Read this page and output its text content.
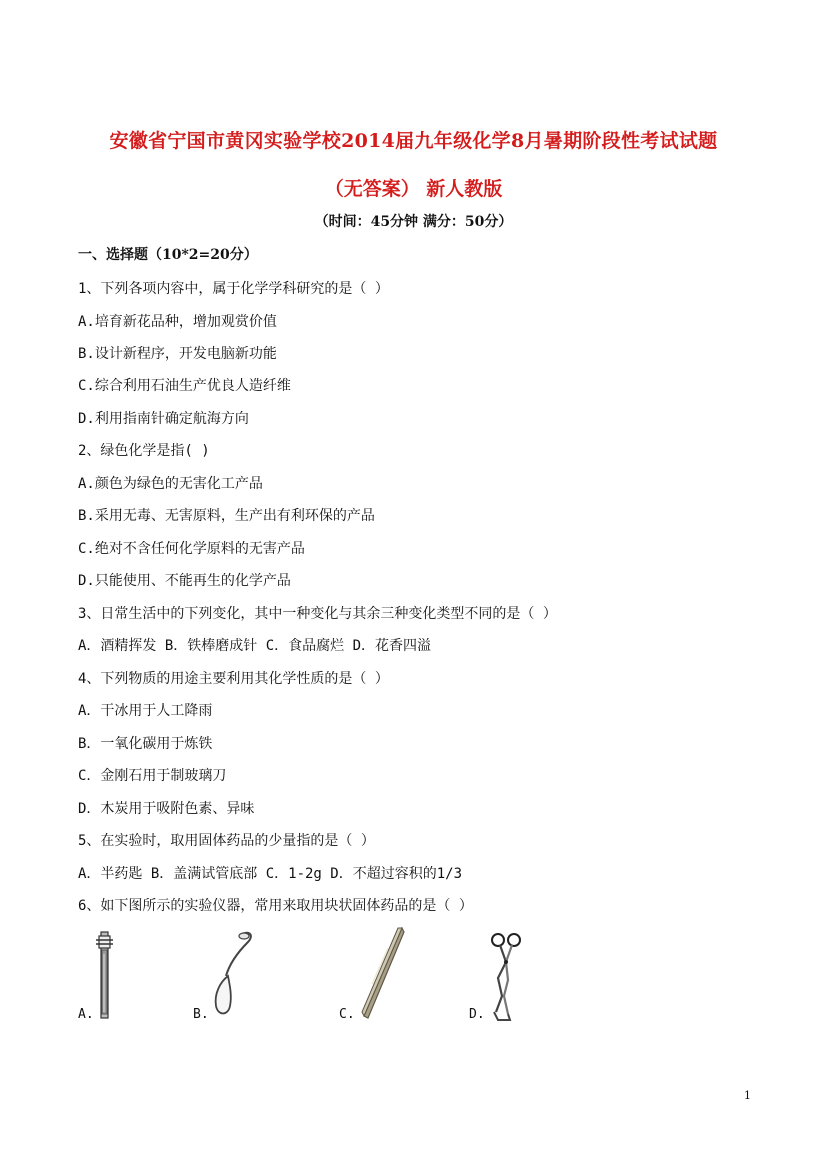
安徽省宁国市黄冈实验学校2014届九年级化学8月暑期阶段性考试试题
（无答案） 新人教版
（时间：45分钟 满分：50分）
一、选择题（10*2=20分）
1、下列各项内容中，属于化学学科研究的是（ ）
A.培育新花品种，增加观赏价值
B.设计新程序，开发电脑新功能
C.综合利用石油生产优良人造纤维
D.利用指南针确定航海方向
2、绿色化学是指( )
A.颜色为绿色的无害化工产品
B.采用无毒、无害原料，生产出有利环保的产品
C.绝对不含任何化学原料的无害产品
D.只能使用、不能再生的化学产品
3、日常生活中的下列变化，其中一种变化与其余三种变化类型不同的是（ ）
A．酒精挥发 B．铁棒磨成针 C．食品腐烂 D．花香四溢
4、下列物质的用途主要利用其化学性质的是（ ）
A．干冰用于人工降雨
B．一氧化碳用于炼铁
C．金刚石用于制玻璃刀
D．木炭用于吸附色素、异味
5、在实验时，取用固体药品的少量指的是（ ）
A．半药匙 B．盖满试管底部 C．1-2g D．不超过容积的1/3
6、如下图所示的实验仪器，常用来取用块状固体药品的是（ ）
A.	B.	C.	D.
1
